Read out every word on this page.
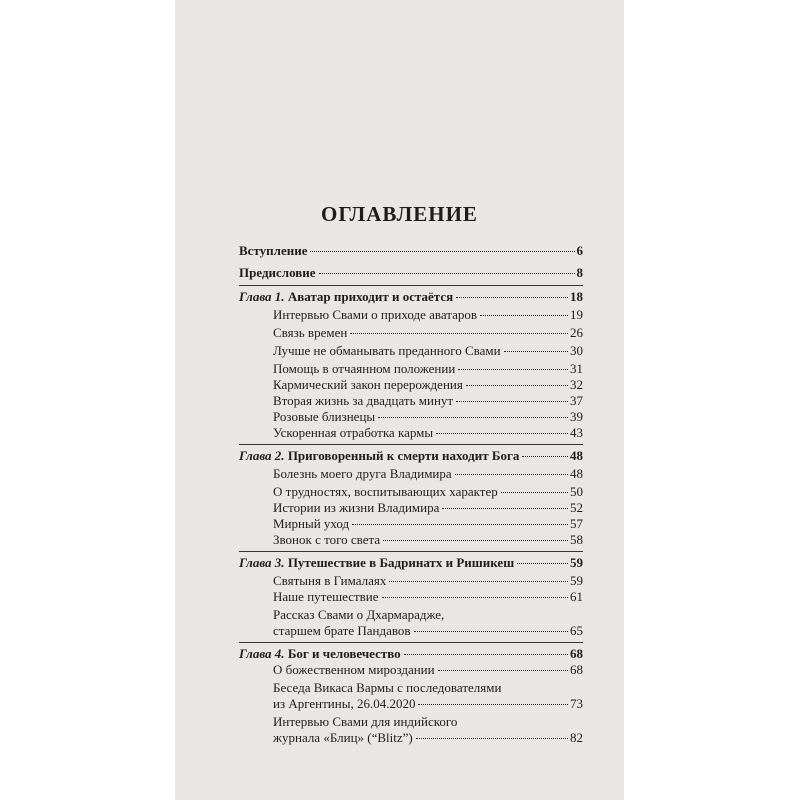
ОГЛАВЛЕНИЕ
Вступление	6
Предисловие	8
Глава 1. Аватар приходит и остаётся	18
Интервью Свами о приходе аватаров	19
Связь времен	26
Лучше не обманывать преданного Свами	30
Помощь в отчаянном положении	31
Кармический закон перерождения	32
Вторая жизнь за двадцать минут	37
Розовые близнецы	39
Ускоренная отработка кармы	43
Глава 2. Приговоренный к смерти находит Бога	48
Болезнь моего друга Владимира	48
О трудностях, воспитывающих характер	50
Истории из жизни Владимира	52
Мирный уход	57
Звонок с того света	58
Глава 3. Путешествие в Бадринатх и Ришикеш	59
Святыня в Гималаях	59
Наше путешествие	61
Рассказ Свами о Дхармарадже,
старшем брате Пандавов	65
Глава 4. Бог и человечество	68
О божественном мироздании	68
Беседа Викаса Вармы с последователями
из Аргентины, 26.04.2020	73
Интервью Свами для индийского
журнала «Блиц» (“Blitz”)	82
